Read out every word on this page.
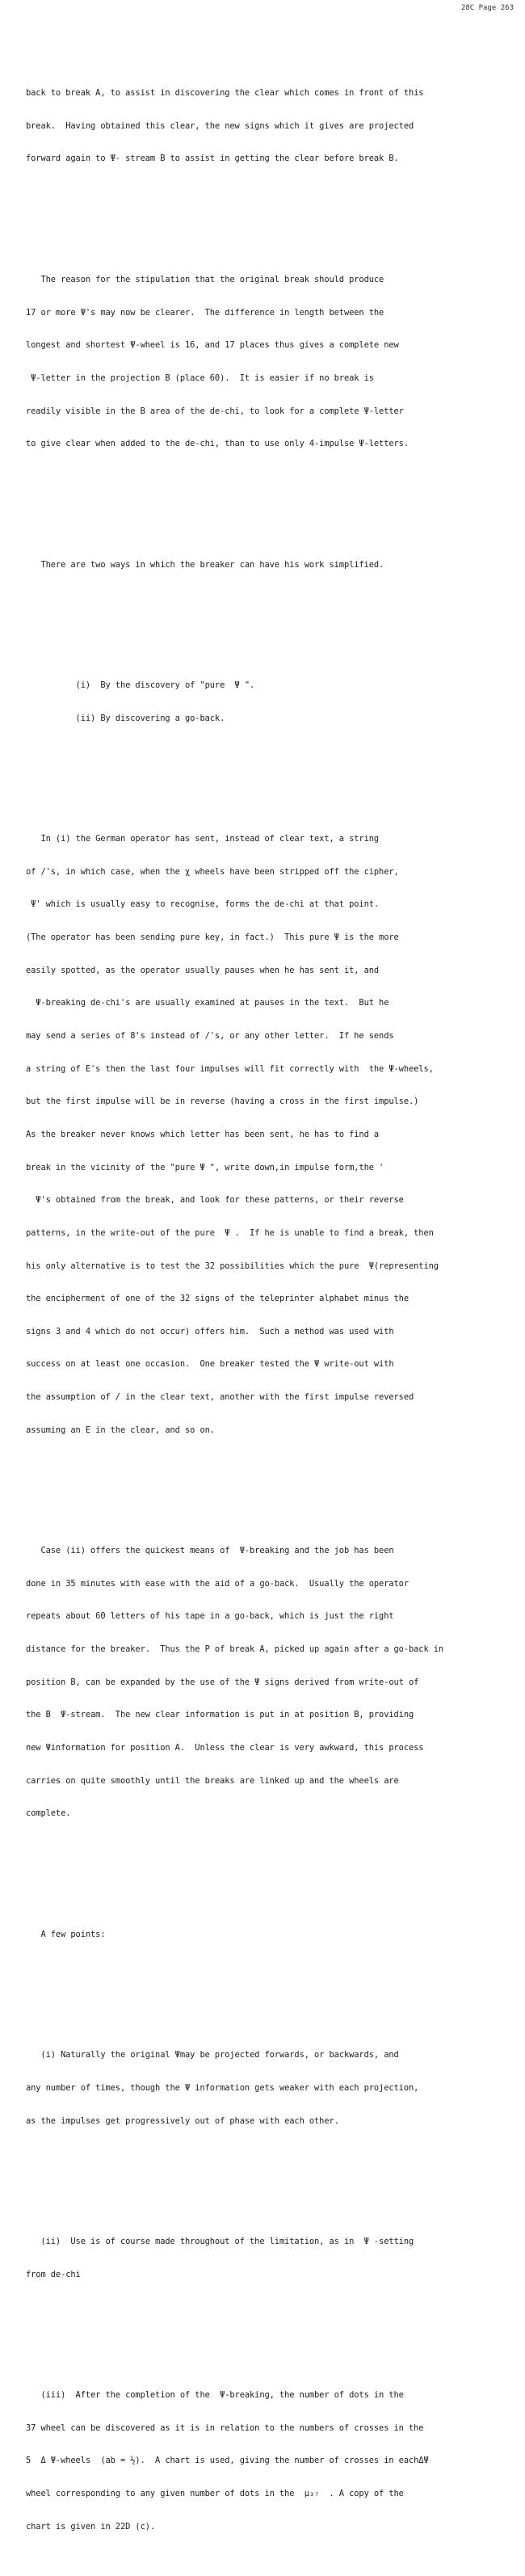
28C Page 263

back to break A, to assist in discovering the clear which comes in front of this

break.  Having obtained this clear, the new signs which it gives are projected

forward again to Ψ- stream B to assist in getting the clear before break B.

The reason for the stipulation that the original break should produce

17 or more Ψ's may now be clearer.  The difference in length between the

longest and shortest Ψ-wheel is 16, and 17 places thus gives a complete new

Ψ-letter in the projection B (place 60).  It is easier if no break is

readily visible in the B area of the de-chi, to look for a complete Ψ-letter

to give clear when added to the de-chi, than to use only 4-impulse Ψ-letters.

There are two ways in which the breaker can have his work simplified.

(i)  By the discovery of "pure  Ψ ".

(ii) By discovering a go-back.

In (i) the German operator has sent, instead of clear text, a string

of /'s, in which case, when the χ wheels have been stripped off the cipher,

Ψ' which is usually easy to recognise, forms the de-chi at that point.

(The operator has been sending pure key, in fact.)  This pure Ψ is the more

easily spotted, as the operator usually pauses when he has sent it, and

Ψ-breaking de-chi's are usually examined at pauses in the text.  But he

may send a series of 8's instead of /'s, or any other letter.  If he sends

a string of E's then the last four impulses will fit correctly with  the Ψ-wheels,

but the first impulse will be in reverse (having a cross in the first impulse.)

As the breaker never knows which letter has been sent, he has to find a

break in the vicinity of the "pure Ψ ", write down,in impulse form,the '

Ψ's obtained from the break, and look for these patterns, or their reverse

patterns, in the write-out of the pure  Ψ .  If he is unable to find a break, then

his only alternative is to test the 32 possibilities which the pure  Ψ(representing

the encipherment of one of the 32 signs of the teleprinter alphabet minus the

signs 3 and 4 which do not occur) offers him.  Such a method was used with

success on at least one occasion.  One breaker tested the Ψ write-out with

the assumption of / in the clear text, another with the first impulse reversed

assuming an E in the clear, and so on.

Case (ii) offers the quickest means of  Ψ-breaking and the job has been

done in 35 minutes with ease with the aid of a go-back.  Usually the operator

repeats about 60 letters of his tape in a go-back, which is just the right

distance for the breaker.  Thus the P of break A, picked up again after a go-back in

position B, can be expanded by the use of the Ψ signs derived from write-out of

the B  Ψ-stream.  The new clear information is put in at position B, providing

new Ψinformation for position A.  Unless the clear is very awkward, this process

carries on quite smoothly until the breaks are linked up and the wheels are

complete.

A few points:

(i) Naturally the original Ψmay be projected forwards, or backwards, and

any number of times, though the Ψ information gets weaker with each projection,

as the impulses get progressively out of phase with each other.

(ii)  Use is of course made throughout of the limitation, as in  Ψ -setting

from de-chi

(iii)  After the completion of the  Ψ-breaking, the number of dots in the

37 wheel can be discovered as it is in relation to the numbers of crosses in the

5  Δ Ψ-wheels  (ab = ½).  A chart is used, giving the number of crosses in eachΔΨ

wheel corresponding to any given number of dots in the  μ₃₇  . A copy of the

chart is given in 22D (c).
